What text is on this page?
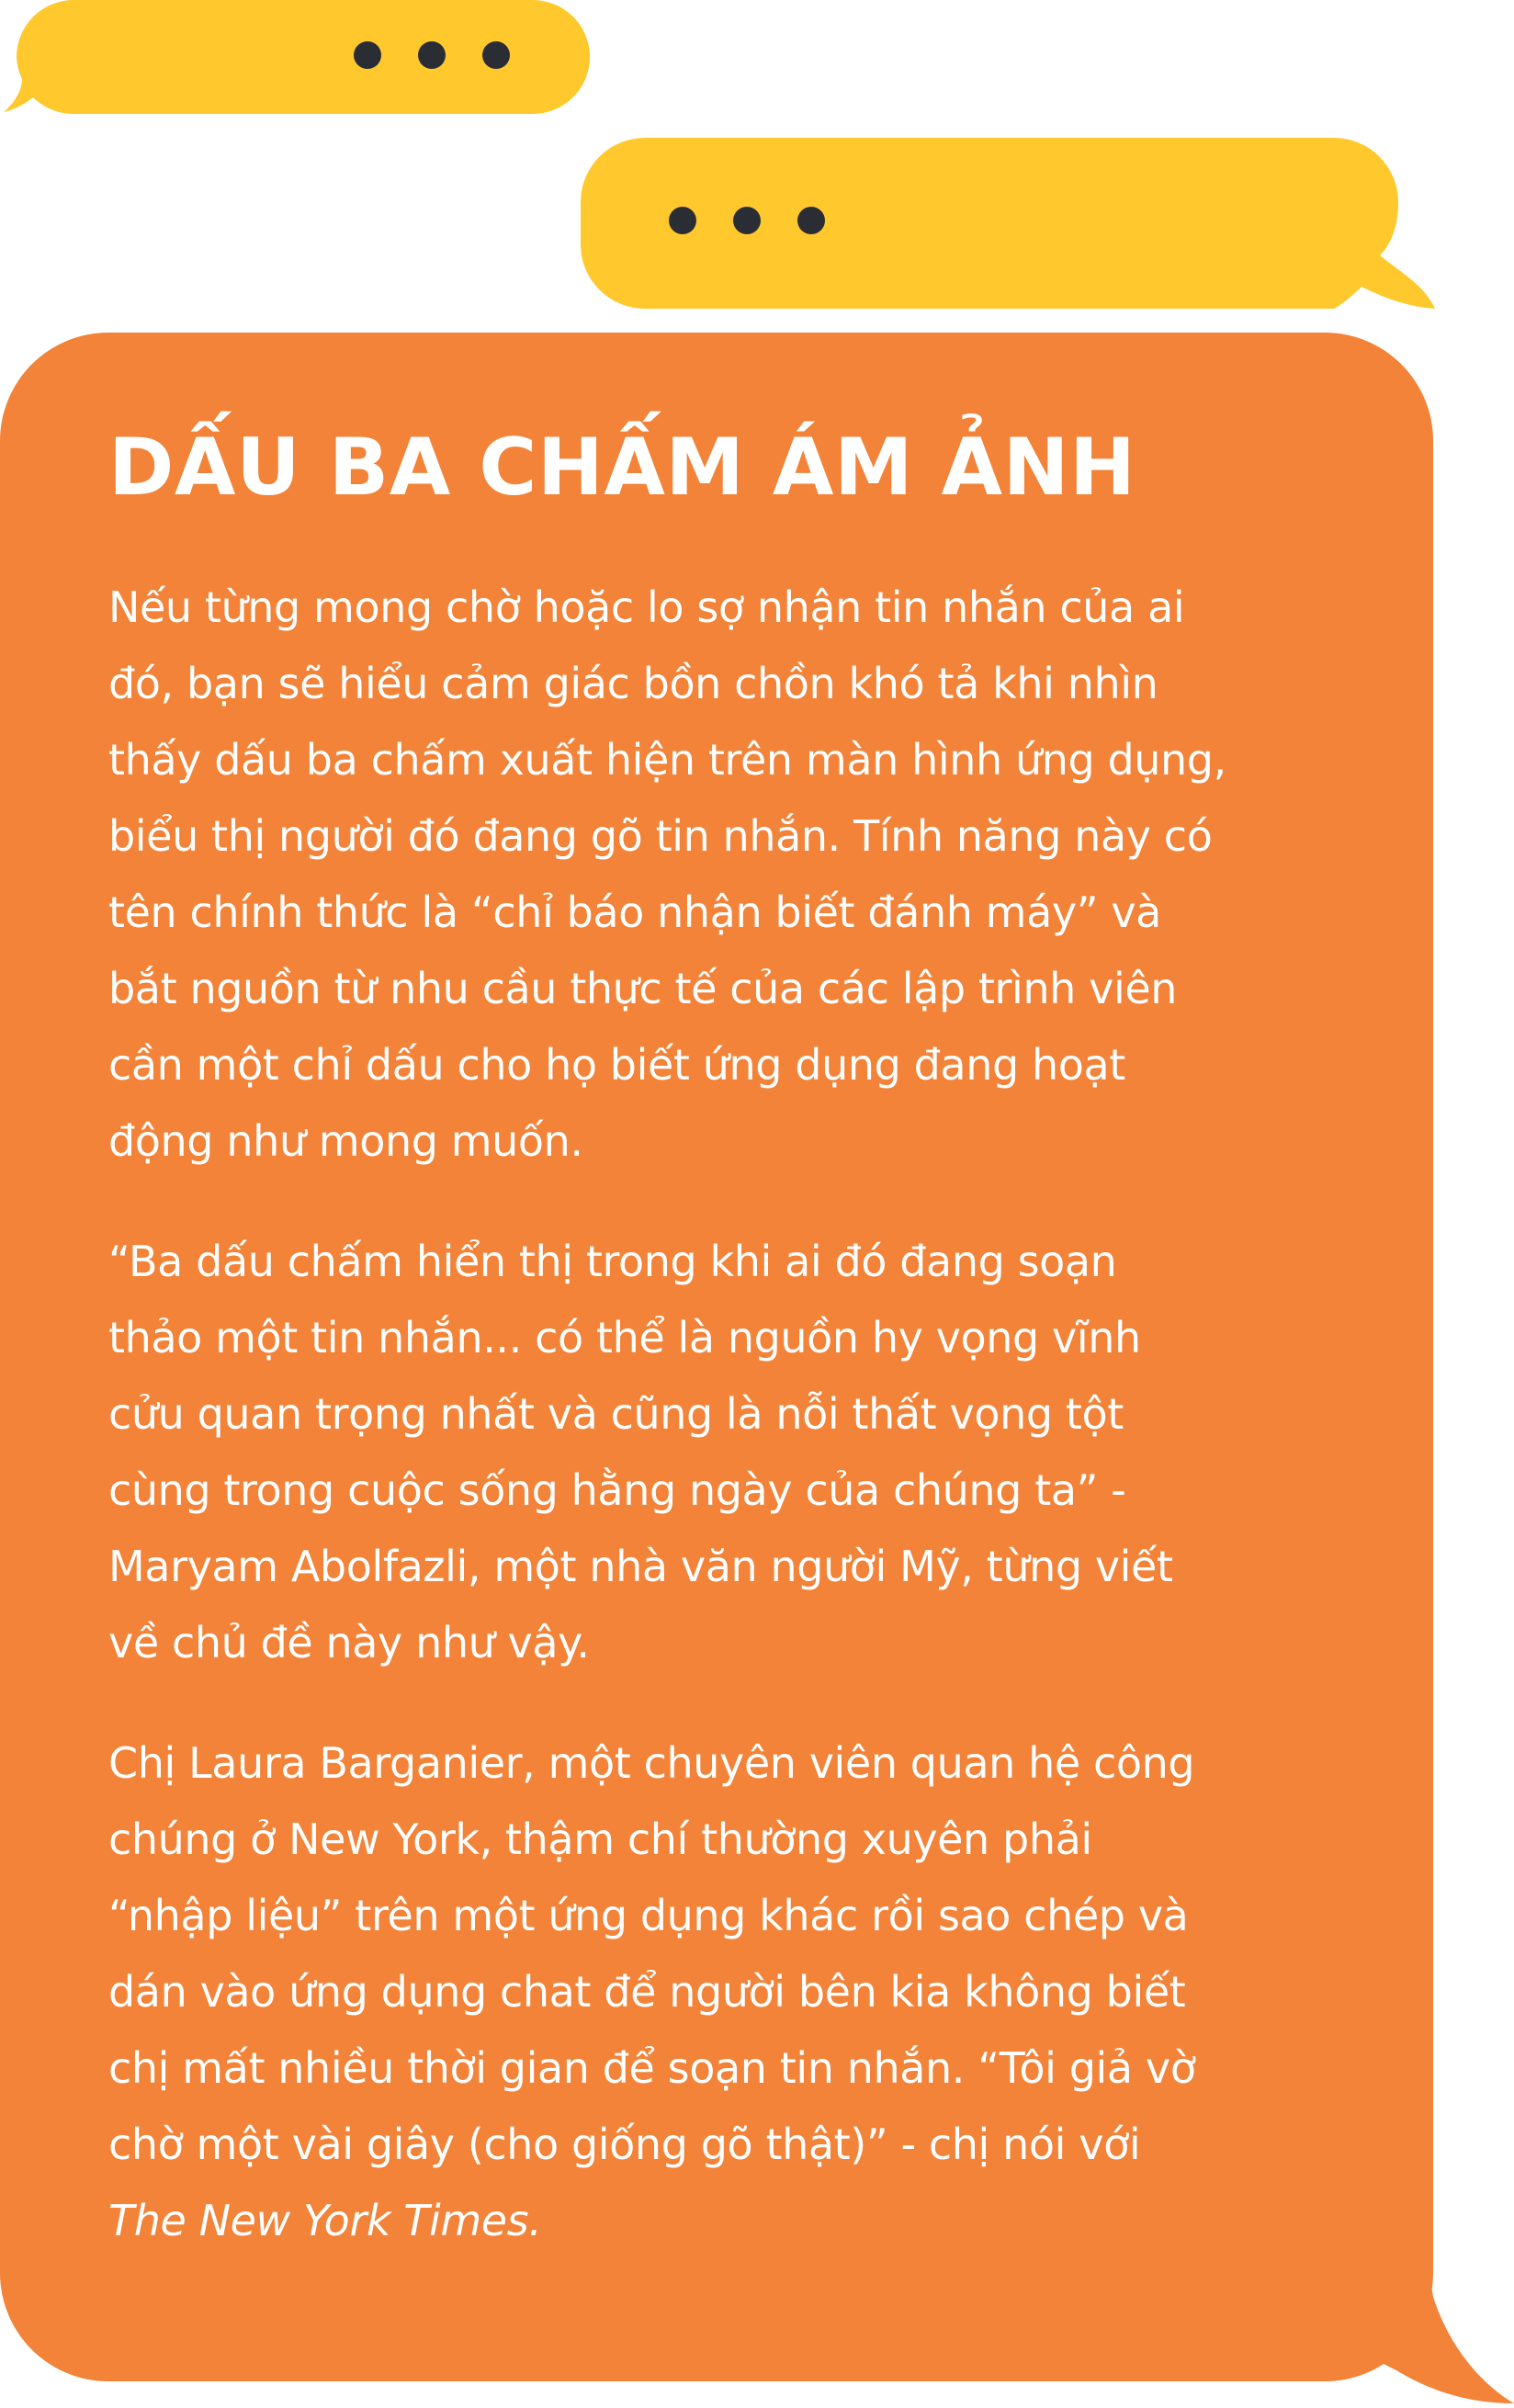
DẤU BA CHẤM ÁM ẢNH

Nếu từng mong chờ hoặc lo sợ nhận tin nhắn của ai
đó, bạn sẽ hiểu cảm giác bồn chồn khó tả khi nhìn
thấy dấu ba chấm xuất hiện trên màn hình ứng dụng,
biểu thị người đó đang gõ tin nhắn. Tính năng này có
tên chính thức là “chỉ báo nhận biết đánh máy” và
bắt nguồn từ nhu cầu thực tế của các lập trình viên
cần một chỉ dấu cho họ biết ứng dụng đang hoạt
động như mong muốn.

“Ba dấu chấm hiển thị trong khi ai đó đang soạn
thảo một tin nhắn... có thể là nguồn hy vọng vĩnh
cửu quan trọng nhất và cũng là nỗi thất vọng tột
cùng trong cuộc sống hằng ngày của chúng ta” -
Maryam Abolfazli, một nhà văn người Mỹ, từng viết
về chủ đề này như vậy.

Chị Laura Barganier, một chuyên viên quan hệ công
chúng ở New York, thậm chí thường xuyên phải
“nhập liệu” trên một ứng dụng khác rồi sao chép và
dán vào ứng dụng chat để người bên kia không biết
chị mất nhiều thời gian để soạn tin nhắn. “Tôi giả vờ
chờ một vài giây (cho giống gõ thật)” - chị nói với

The New York Times.
